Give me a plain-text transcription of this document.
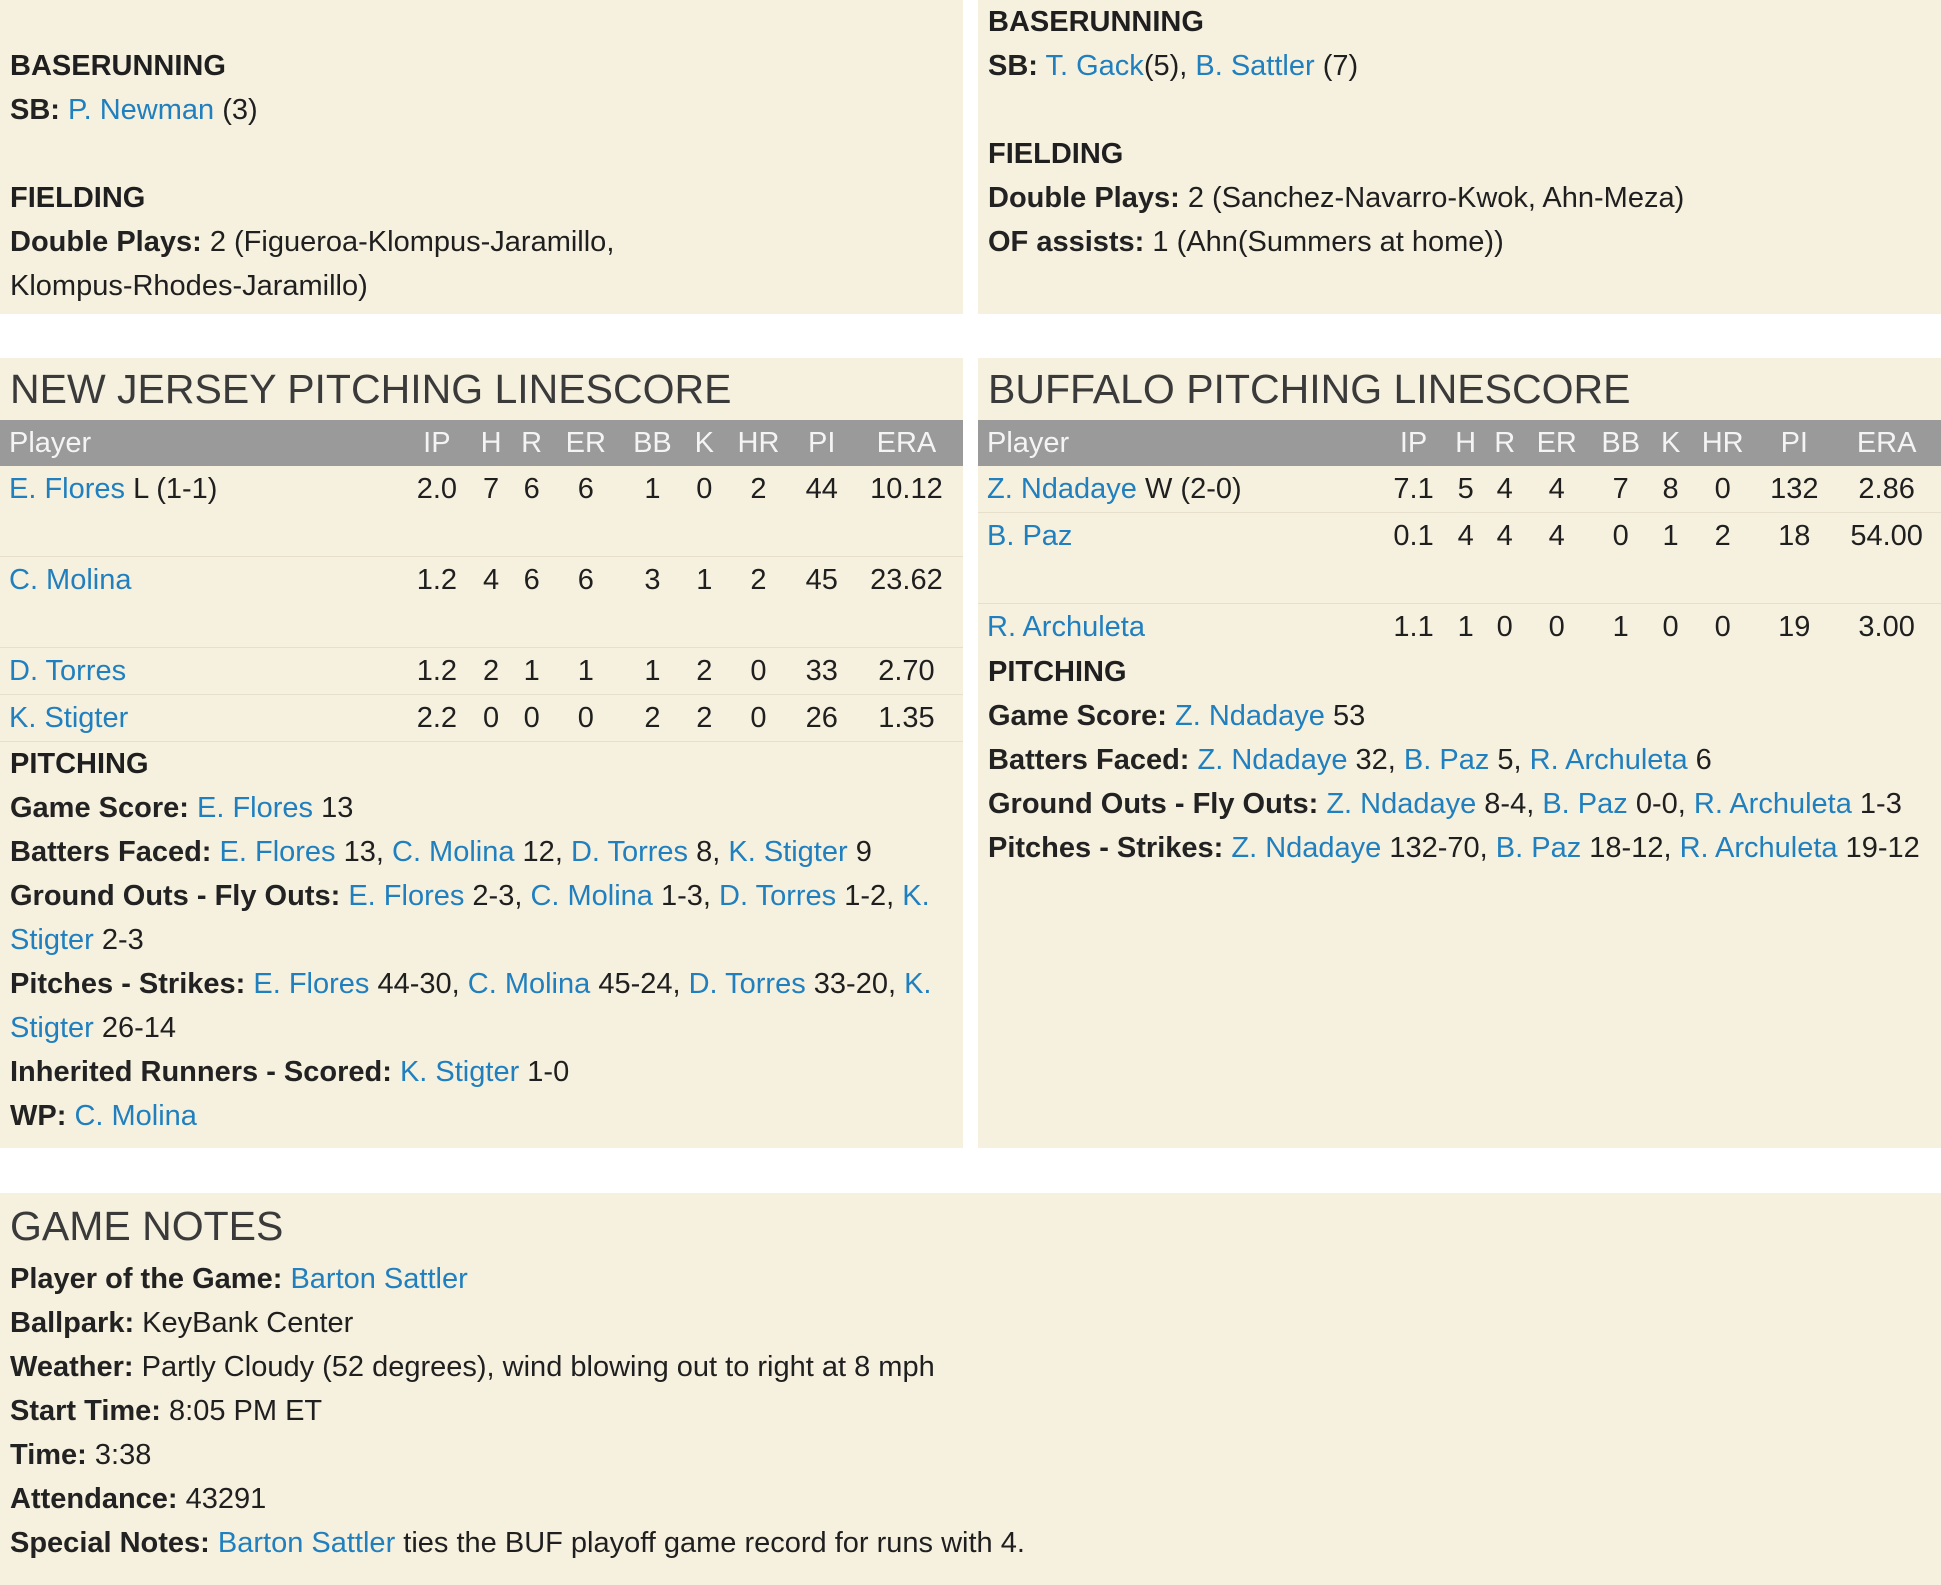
BASERUNNING
SB: P. Newman (3)
FIELDING
Double Plays: 2 (Figueroa-Klompus-Jaramillo,
Klompus-Rhodes-Jaramillo)
BASERUNNING
SB: T. Gack(5), B. Sattler (7)
FIELDING
Double Plays: 2 (Sanchez-Navarro-Kwok, Ahn-Meza)
OF assists: 1 (Ahn(Summers at home))
NEW JERSEY PITCHING LINESCORE
Player	IP	H	R	ER	BB	K	HR	PI	ERA
E. Flores L (1-1)	2.0	7	6	6	1	0	2	44	10.12
C. Molina	1.2	4	6	6	3	1	2	45	23.62
D. Torres	1.2	2	1	1	1	2	0	33	2.70
K. Stigter	2.2	0	0	0	2	2	0	26	1.35
PITCHING
Game Score: E. Flores 13
Batters Faced: E. Flores 13, C. Molina 12, D. Torres 8, K. Stigter 9
Ground Outs - Fly Outs: E. Flores 2-3, C. Molina 1-3, D. Torres 1-2, K. Stigter 2-3
Pitches - Strikes: E. Flores 44-30, C. Molina 45-24, D. Torres 33-20, K. Stigter 26-14
Inherited Runners - Scored: K. Stigter 1-0
WP: C. Molina
BUFFALO PITCHING LINESCORE
Player	IP	H	R	ER	BB	K	HR	PI	ERA
Z. Ndadaye W (2-0)	7.1	5	4	4	7	8	0	132	2.86
B. Paz	0.1	4	4	4	0	1	2	18	54.00
R. Archuleta	1.1	1	0	0	1	0	0	19	3.00
PITCHING
Game Score: Z. Ndadaye 53
Batters Faced: Z. Ndadaye 32, B. Paz 5, R. Archuleta 6
Ground Outs - Fly Outs: Z. Ndadaye 8-4, B. Paz 0-0, R. Archuleta 1-3
Pitches - Strikes: Z. Ndadaye 132-70, B. Paz 18-12, R. Archuleta 19-12
GAME NOTES
Player of the Game: Barton Sattler
Ballpark: KeyBank Center
Weather: Partly Cloudy (52 degrees), wind blowing out to right at 8 mph
Start Time: 8:05 PM ET
Time: 3:38
Attendance: 43291
Special Notes: Barton Sattler ties the BUF playoff game record for runs with 4.
